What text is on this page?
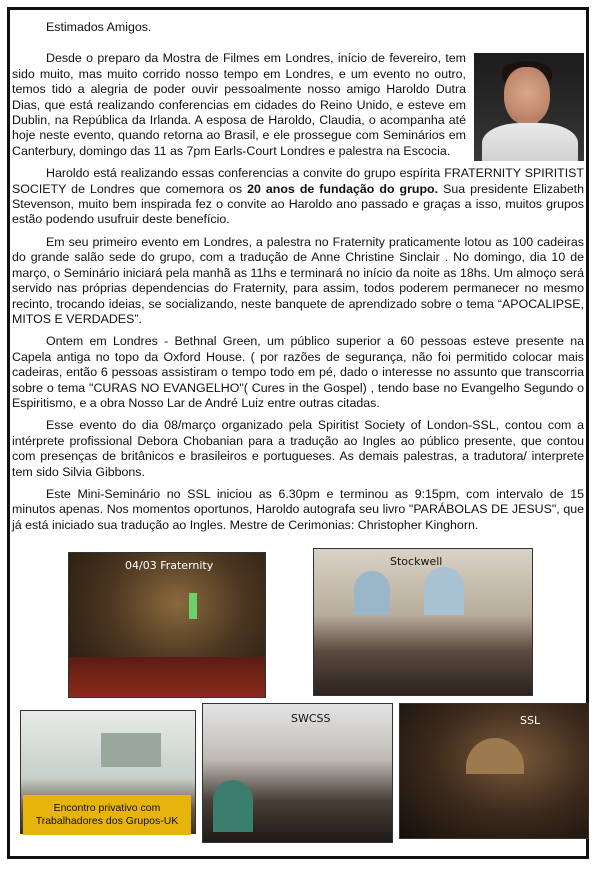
Estimados Amigos.

Desde o preparo da Mostra de Filmes em Londres, início de fevereiro, tem sido muito, mas muito corrido nosso tempo em Londres, e um evento no outro, temos tido a alegria de poder ouvir pessoalmente nosso amigo Haroldo Dutra Dias, que está realizando conferencias em cidades do Reino Unido, e esteve em Dublin, na República da Irlanda. A esposa de Haroldo, Claudia, o acompanha até hoje neste evento, quando retorna ao Brasil, e ele prossegue com Seminários em Canterbury, domingo das 11 as 7pm Earls-Court Londres e palestra na Escocia.

Haroldo está realizando essas conferencias a convite do grupo espírita FRATERNITY SPIRITIST SOCIETY de Londres que comemora os 20 anos de fundação do grupo. Sua presidente Elizabeth Stevenson, muito bem inspirada fez o convite ao Haroldo ano passado e graças a isso, muitos grupos estão podendo usufruir deste benefício.

Em seu primeiro evento em Londres, a palestra no Fraternity praticamente lotou as 100 cadeiras do grande salão sede do grupo, com a tradução de Anne Christine Sinclair . No domingo, dia 10 de março, o Seminário iniciará pela manhã as 11hs e terminará no início da noite as 18hs. Um almoço será servido nas próprias dependencias do Fraternity, para assim, todos poderem permanecer no mesmo recinto, trocando ideias, se socializando, neste banquete de aprendizado sobre o tema “APOCALIPSE, MITOS E VERDADES”.

Ontem em Londres - Bethnal Green, um público superior a 60 pessoas esteve presente na Capela antiga no topo da Oxford House. ( por razões de segurança, não foi permitido colocar mais cadeiras, então 6 pessoas assistiram o tempo todo em pé, dado o interesse no assunto que transcorria sobre o tema "CURAS NO EVANGELHO"( Cures in the Gospel) , tendo base no Evangelho Segundo o Espiritismo, e a obra Nosso Lar de André Luiz entre outras citadas.

Esse evento do dia 08/março organizado pela Spiritist Society of London-SSL, contou com a intérprete profissional Debora Chobanian para a tradução ao Ingles ao público presente, que contou com presenças de britânicos e brasileiros e portugueses. As demais palestras, a tradutora/ interprete tem sido Silvia Gibbons.

Este Mini-Seminário no SSL iniciou as 6.30pm e terminou as 9:15pm, com intervalo de 15 minutos apenas. Nos momentos oportunos, Haroldo autografa seu livro "PARÁBOLAS DE JESUS", que já está iniciado sua tradução ao Ingles. Mestre de Cerimonias: Christopher Kinghorn.

04/03 Fraternity	Stockwell
Encontro privativo com
Trabalhadores dos Grupos-UK
SWCSS	SSL
